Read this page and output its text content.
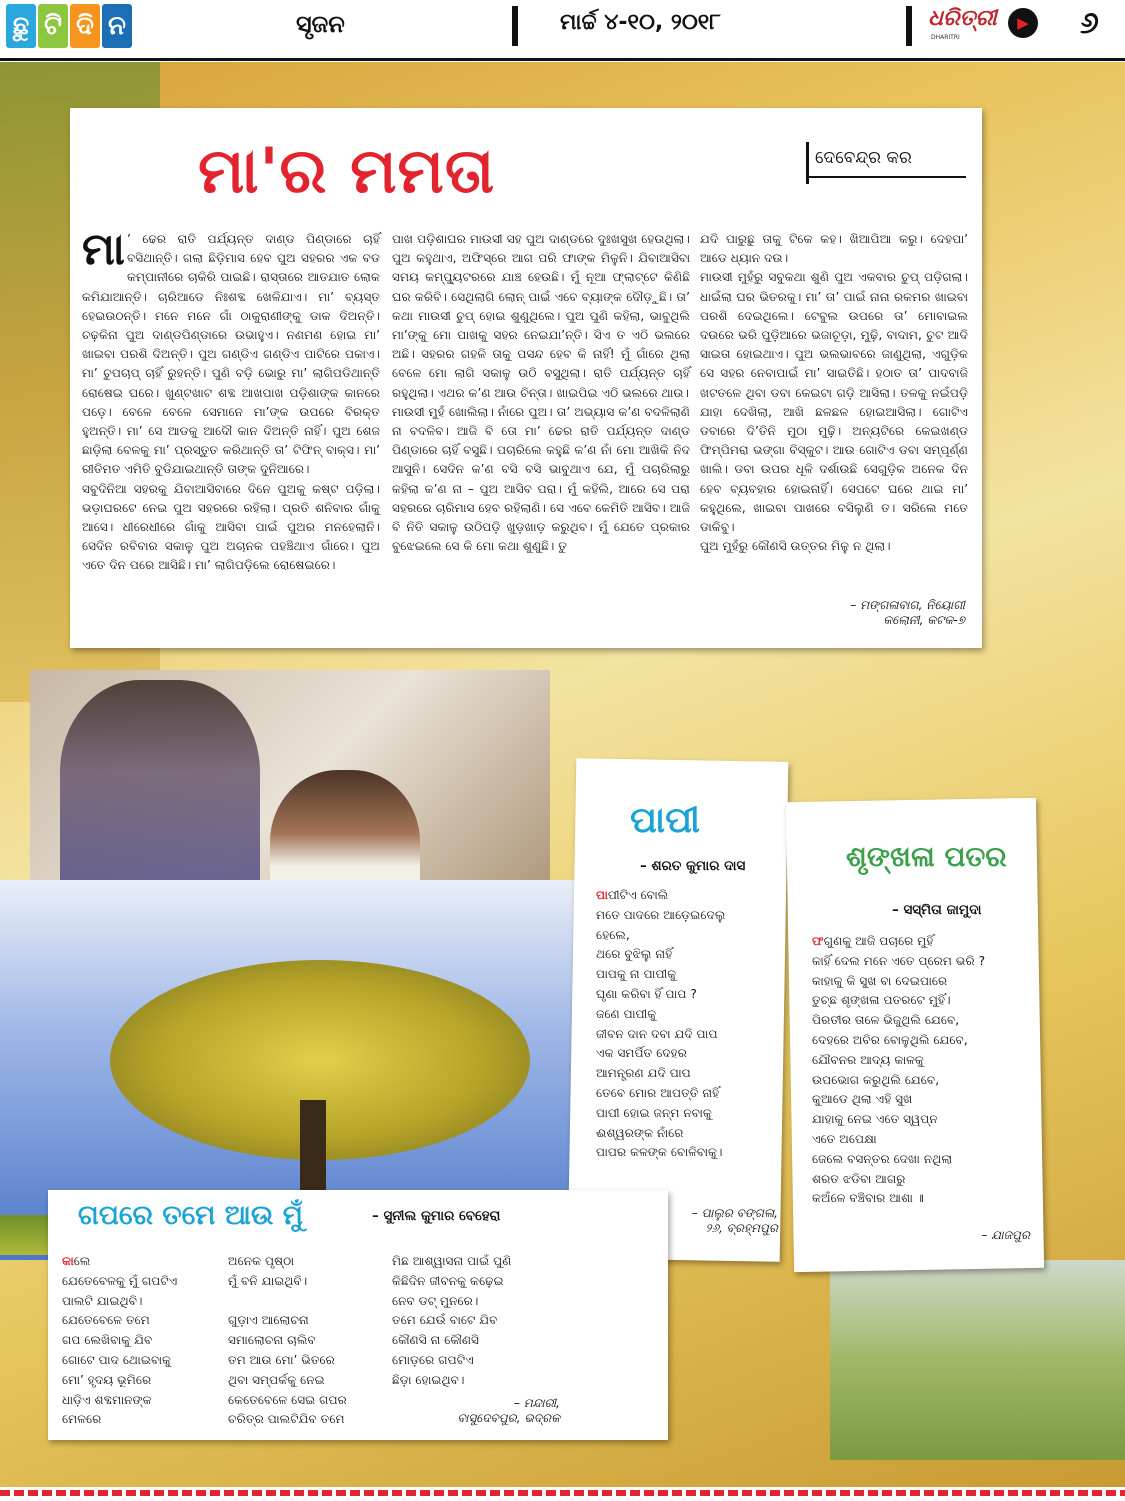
ଛୁ ଟି ଦି ନ	ସୃଜନ	ମାର୍ଚ୍ଚ ୪-୧୦, ୨୦୧୮	ଧରିତ୍ରୀ
DHARITRI
▶	୬
ମା'ର ମମତା	ଦେବେନ୍ଦ୍ର କର
ମା ’ ଢେର ରାତି ପର୍ଯ୍ୟନ୍ତ ଦାଣ୍ଡ ପିଣ୍ଡାରେ ଚାହିଁ ବସିଥାନ୍ତି। ଗଲା ଛିଡ଼ିମାସ ହେବ ପୁଅ ସହରର ଏକ ବଡ କମ୍ପାନୀରେ ଚାକିରି ପାଇଛି। ରାସ୍ତାରେ ଆତଯାତ ଲୋକ କମିଯାଆନ୍ତି। ଚାରିଆଡେ ନିଃଶବ୍ଦ ଖେଳିଯାଏ। ମା’ ବ୍ୟସ୍ତ ହେଇଉଠନ୍ତି। ମନେ ମନେ ଗାଁ ଠାକୁରାଣୀଙ୍କୁ ଡାକ ଦିଅନ୍ତି। ଚଢ଼କିନା ପୁଅ ଦାଣ୍ଡପିଣ୍ଡାରେ ଉଭାହୁଏ। ନଣମଣ ହୋଇ ମା’ ଖାଇବା ପରଶି ଦିଅନ୍ତି। ପୁଅ ଗଣ୍ଡିଏ ଗଣ୍ଡିଏ ପାଟିରେ ପକାଏ। ମା’ ଚୁପଚାପ୍ ଚାହିଁ ରୁହନ୍ତି। ପୁଣି ବଡ଼ି ଭୋରୁ ମା’ ଲାଗିପଡିଥାନ୍ତି ରୋଷେଇ ଘରେ। ଖୁଣ୍ଟଖାଟ ଶବ୍ଦ ଆଖପାଖ ପଡ଼ିଶାଙ୍କ କାନରେ ପଡ଼େ। ବେଳେ ବେଳେ ସେମାନେ ମା’ଙ୍କ ଉପରେ ବିରକ୍ତ ହୁଅନ୍ତି। ମା’ ସେ ଆଡକୁ ଆଦୌ କାନ ଦିଅନ୍ତି ନାହିଁ। ପୁଅ ଶେଜ ଛାଡ଼ିଲା ବେଳକୁ ମା’ ପ୍ରସ୍ତୁତ କରିଥାନ୍ତି ତା’ ଟିଫିନ୍ ବାକ୍ସ। ମା’ ରୀତିମତ ଏମିତି ବୁଡିଯାଇଥାନ୍ତି ତାଙ୍କ ଦୁନିଆରେ।
ସବୁଦିନିଆ ସହରକୁ ଯିବାଆସିବାରେ ଦିନେ ପୁଅକୁ କଷ୍ଟ ପଡ଼ିଲା। ଭଡ଼ାଘରଟେ ନେଇ ପୁଅ ସହରରେ ରହିଲା। ପ୍ରତି ଶନିବାର ଗାଁକୁ ଆସେ। ଧୀରେଧୀରେ ଗାଁକୁ ଆସିବା ପାଇଁ ପୁଅର ମନହେଲାନି। ସେଦିନ ରବିବାର ସକାଳୁ ପୁଅ ଅଚାନକ ପହଞ୍ଚିଥାଏ ଗାଁରେ। ପୁଅ ଏତେ ଦିନ ପରେ ଆସିଛି। ମା’ ଲାଗିପଡ଼ିଲେ ରୋଷେଇରେ।
ପାଖ ପଡ଼ିଶାଘର ମାଉସୀ ସହ ପୁଅ ଦାଣ୍ଡରେ ଦୁଃଖସୁଖ ହେଉଥିଲା। ପୁଅ କହୁଥାଏ, ଅଫିସ୍‌ରେ ଆଗ ପରି ଫାଙ୍କ ମିଳୁନି। ଯିବାଆସିବା ସମୟ କମ୍ପ୍ୟୁଟରରେ ଯାଞ୍ଚ ହେଉଛି। ମୁଁ ନୂଆ ଫ୍ଲାଟ୍‌ଟେ କିଣିଛି ଘର କରିବି। ସେଥିଲାଗି ଲୋନ୍ ପାଇଁ ଏବେ ବ୍ୟାଙ୍କ ଦୌଡ଼ୁଛି। ତା’ କଥା ମାଉସୀ ଚୁପ୍ ହୋଇ ଶୁଣୁଥିଲେ। ପୁଅ ପୁଣି କହିଲା, ଭାବୁଥିଲି ମା’ଙ୍କୁ ମୋ ପାଖକୁ ସହର ନେଇଯା’ନ୍ତି। ସିଏ ତ ଏଠି ଭଲରେ ଅଛି। ସହରର ଗହଳି ତାକୁ ପସନ୍ଦ ହେବ କି ନାହିଁ! ମୁଁ ଗାଁରେ ଥିଲା ବେଳେ ମୋ ଲାଗି ସକାଳୁ ଉଠି ବସୁଥିଲା। ରାତି ପର୍ଯ୍ୟନ୍ତ ଚାହିଁ ରହୁଥିଲା। ଏଥର କ’ଣ ଆଉ ଚିନ୍ତା। ଖାଇପିଇ ଏଠି ଭଲରେ ଥାଉ।
ମାଉସୀ ମୁହଁ ଖୋଲିଲା। ନାଁରେ ପୁଅ। ତା’ ଅଭ୍ୟାସ କ’ଣ ବଦଳିଲାଣି ନା ବଦଳିବ। ଆଜି ବି ତୋ ମା’ ଢେର ରାତି ପର୍ଯ୍ୟନ୍ତ ଦାଣ୍ଡ ପିଣ୍ଡାରେ ଚାହିଁ ବସୁଛି। ପଚାରିଲେ କହୁଛି କ’ଣ ନାଁ ମୋ ଆଖିକି ନିଦ ଆସୁନି। ସେଦିନ କ’ଣ ବସି ବସି ଭାବୁଥାଏ ଯେ, ମୁଁ ପଚାରିଲାରୁ କହିଲା କ’ଣ ନା – ପୁଅ ଆସିବ ପରା। ମୁଁ କହିଲି, ଆରେ ସେ ପରା ସହରରେ ଚାରିମାସ ହେବ ରହିଲାଣି। ସେ ଏବେ କେମିତି ଆସିବ। ଆଜି ବି ନିତି ସକାଳୁ ଉଠିପଡ଼ି ଖୁଡ଼ଖାଡ଼ କରୁଥିବ। ମୁଁ ଯେତେ ପ୍ରକାର ବୁଝେଇଲେ ସେ କି ମୋ କଥା ଶୁଣୁଛି। ତୁ
ଯଦି ପାରୁଛୁ ତାକୁ ଟିକେ କହ। ଖିଆପିଆ କରୁ। ଦେହପା’ ଆଡେ ଧ୍ୟାନ ଦଉ।
ମାଉସୀ ମୁହଁରୁ ସବୁକଥା ଶୁଣି ପୁଅ ଏକବାର ଚୁପ୍ ପଡ଼ିଗଲା। ଧାଇଁଲା ଘର ଭିତରକୁ। ମା’ ତା’ ପାଇଁ ନାନା ରକମର ଖାଇବା ପରଶି ଦେଇଥିଲେ। ଟେବୁଲ ଉପରେ ତା’ ମୋବାଇଲ ଦଉରେ ଭରି ପୁଡ଼ିଆରେ ଭଜାଚୂଡ଼ା, ମୁଢ଼ି, ବାଦାମ, ଚୁଟ ଆଦି ସାଇତା ହୋଇଥାଏ। ପୁଅ ଭଲଭାବରେ ଜାଣୁଥିଲା, ଏଗୁଡ଼ିକ ସେ ସହର ନେବାପାଇଁ ମା’ ସାଇତିଛି। ହଠାତ ତା’ ପାଦବାଜି ଖଟତଳେ ଥିବା ଡବା କେଇଟା ଗଡ଼ି ଆସିଲା। ତଳକୁ ନଇଁପଡ଼ି ଯାହା ଦେଖିଲା, ଆଖି ଛଳଛଳ ହୋଇଆସିଲା। ଗୋଟିଏ ଡବାରେ ଦି’ତିନି ମୁଠା ମୁଢ଼ି। ଅନ୍ୟଟିରେ କେଇଖଣ୍ଡ ଫିମ୍ପିମରା ଭଙ୍ଗା ବିସ୍କୁଟ। ଆଉ ଗୋଟିଏ ଡବା ସମ୍ପୂର୍ଣ୍ଣ ଖାଲି। ଡବା ଉପର ଧୂଳି ଦର୍ଶାଉଛି ସେଗୁଡ଼ିକ ଅନେକ ଦିନ ହେବ ବ୍ୟବହାର ହୋଇନାହିଁ। ସେପଟେ ଘରେ ଥାଇ ମା’ କହୁଥିଲେ, ଖାଇବା ପାଖରେ ବସିଲୁଣି ତ। ସରିଲେ ମତେ ଡାକିବୁ।
ପୁଅ ମୁହଁରୁ କୌଣସି ଉତ୍ତର ମିଳୁ ନ ଥିଲା।
– ମଙ୍ଗଳାବାଗ, ନିୟୋଗୀ
କଲୋନୀ, କଟକ-୭
ପାପୀ
– ଶରତ କୁମାର ଦାସ
ପାପୀଟିଏ ବୋଲି
ମତେ ପାଦରେ ଆଡ଼େଇଦେଲୁ
ହେଲେ,
ଥରେ ବୁଝିଲୁ ନାହିଁ
ପାପକୁ ନା ପାପୀକୁ
ଘୃଣା କରିବା ହିଁ ପାପ ?
ଜଣେ ପାପୀକୁ
ଜୀବନ ଦାନ ଦବା ଯଦି ପାପ
ଏକ ସମର୍ପିତ ଦେହର
ଆମନ୍ତ୍ରଣ ଯଦି ପାପ
ତେବେ ମୋର ଆପତ୍ତି ନାହିଁ
ପାପୀ ହୋଇ ଜନ୍ମ ନବାକୁ
ଈଶ୍ୱରଙ୍କ ନାଁରେ
ପାପର କଳଙ୍କ ବୋଳିବାକୁ।
– ପାଲୁର ବଙ୍ଗଳା,
୨୬, ବ୍ରହ୍ମପୁର
ଶୃଙ୍ଖଳା ପତର
– ସସ୍ମିତା ଜାମୁଦା
ଫଗୁଣକୁ ଆଜି ପଚାରେ ମୁହିଁ
କାହିଁ ଦେଲ ମନେ ଏତେ ପ୍ରେମ ଭରି ?
କାହାକୁ କି ସୁଖ ବା ଦେଇପାରେ
ତୁଚ୍ଛ ଶୃଙ୍ଖଳା ପତରଟେ ମୁହିଁ।
ପିରତୀର ତାଳେ ଭିଜୁଥିଲି ଯେବେ,
ଦେହରେ ଅବିର ବୋଳୁଥିଲି ଯେବେ,
ଯୌବନର ଆଦ୍ୟ କାଳକୁ
ଉପଭୋଗ କରୁଥିଲି ଯେବେ,
କୁଆଡେ ଥିଲା ଏହି ସୁଖ
ଯାହାକୁ ନେଇ ଏତେ ସ୍ୱପ୍ନ
ଏତେ ଅପେକ୍ଷା
ଜେଲେ ବସନ୍ତର ଦେଖା ନଥିଲା
ଶରତ ଝଡିବା ଆଗରୁ
କଅଁଳେ ବଞ୍ଚିବାର ଆଶା ॥
– ଯାଜପୁର
ଗପରେ ତମେ ଆଉ ମୁଁ	– ସୁନୀଲ କୁମାର ବେହେରା
କାଲେ
ଯେତେବେଳକୁ ମୁଁ ଗପଟିଏ
ପାଲଟି ଯାଇଥିବି।
ଯେତେବେଳେ ତମେ
ଗପ ଲେଖିବାକୁ ଯିବ
ଗୋଟେ ପାଦ ଥୋଇବାକୁ
ମୋ’ ହୃଦୟ ଭୂମିରେ
ଧାଡ଼ିଏ ଶବ୍ଦମାନଙ୍କ
ମେଳରେ
ଅନେକ ପୃଷ୍ଠା
ମୁଁ ବନି ଯାଇଥିବି।

ଗୁଡ଼ାଏ ଆଲୋଚନା
ସମାଲୋଚନା ଚାଲିବ
ତମ ଆଉ ମୋ’ ଭିତରେ
ଥିବା ସମ୍ପର୍କକୁ ନେଇ
କେତେବେଳେ ସେଇ ଗପର
ଚରିତ୍ର ପାଲଟିଯିବ ତମେ
ମିଛ ଆଶ୍ୱାସନା ପାଇଁ ପୁଣି
କିଛିଦିନ ଜୀବନକୁ କଢ଼େଇ
ନେବ ଡଟ୍ ମୁନରେ।
ତମେ ଯେଉଁ ବାଟେ ଯିବ
କୌଣସି ନା କୌଣସି
ମୋଡ଼ରେ ଗପଟିଏ
ଛିଡ଼ା ହୋଇଥିବ।
– ମନ୍ଦାରୀ,
ବାସୁଦେବପୁର, ଭଦ୍ରକ
